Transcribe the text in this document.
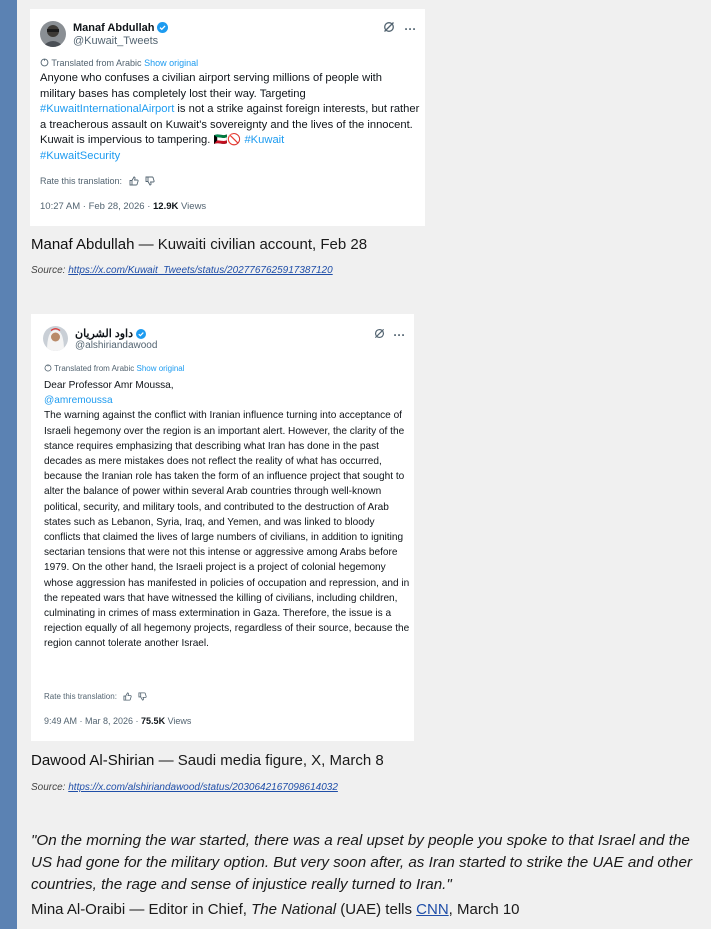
Manaf Abdullah
@Kuwait_Tweets
···
Translated from Arabic Show original
Anyone who confuses a civilian airport serving millions of people with military bases has completely lost their way. Targeting #KuwaitInternationalAirport is not a strike against foreign interests, but rather a treacherous assault on Kuwait's sovereignty and the lives of the innocent. Kuwait is impervious to tampering. 🇰🇼🚫 #Kuwait
#KuwaitSecurity
Rate this translation:
10:27 AM · Feb 28, 2026 · 12.9K Views
Manaf Abdullah — Kuwaiti civilian account, Feb 28
Source: https://x.com/Kuwait_Tweets/status/2027767625917387120
داود الشريان
@alshiriandawood
···
Translated from Arabic Show original
Dear Professor Amr Moussa,
@amremoussa
The warning against the conflict with Iranian influence turning into acceptance of Israeli hegemony over the region is an important alert. However, the clarity of the stance requires emphasizing that describing what Iran has done in the past decades as mere mistakes does not reflect the reality of what has occurred, because the Iranian role has taken the form of an influence project that sought to alter the balance of power within several Arab countries through well-known political, security, and military tools, and contributed to the destruction of Arab states such as Lebanon, Syria, Iraq, and Yemen, and was linked to bloody conflicts that claimed the lives of large numbers of civilians, in addition to igniting sectarian tensions that were not this intense or aggressive among Arabs before 1979. On the other hand, the Israeli project is a project of colonial hegemony whose aggression has manifested in policies of occupation and repression, and in the repeated wars that have witnessed the killing of civilians, including children, culminating in crimes of mass extermination in Gaza. Therefore, the issue is a rejection equally of all hegemony projects, regardless of their source, because the region cannot tolerate another Israel.
Rate this translation:
9:49 AM · Mar 8, 2026 · 75.5K Views
Dawood Al-Shirian — Saudi media figure, X, March 8
Source: https://x.com/alshiriandawood/status/2030642167098614032
"On the morning the war started, there was a real upset by people you spoke to that Israel and the US had gone for the military option. But very soon after, as Iran started to strike the UAE and other countries, the rage and sense of injustice really turned to Iran."
Mina Al-Oraibi — Editor in Chief, The National (UAE) tells CNN, March 10
